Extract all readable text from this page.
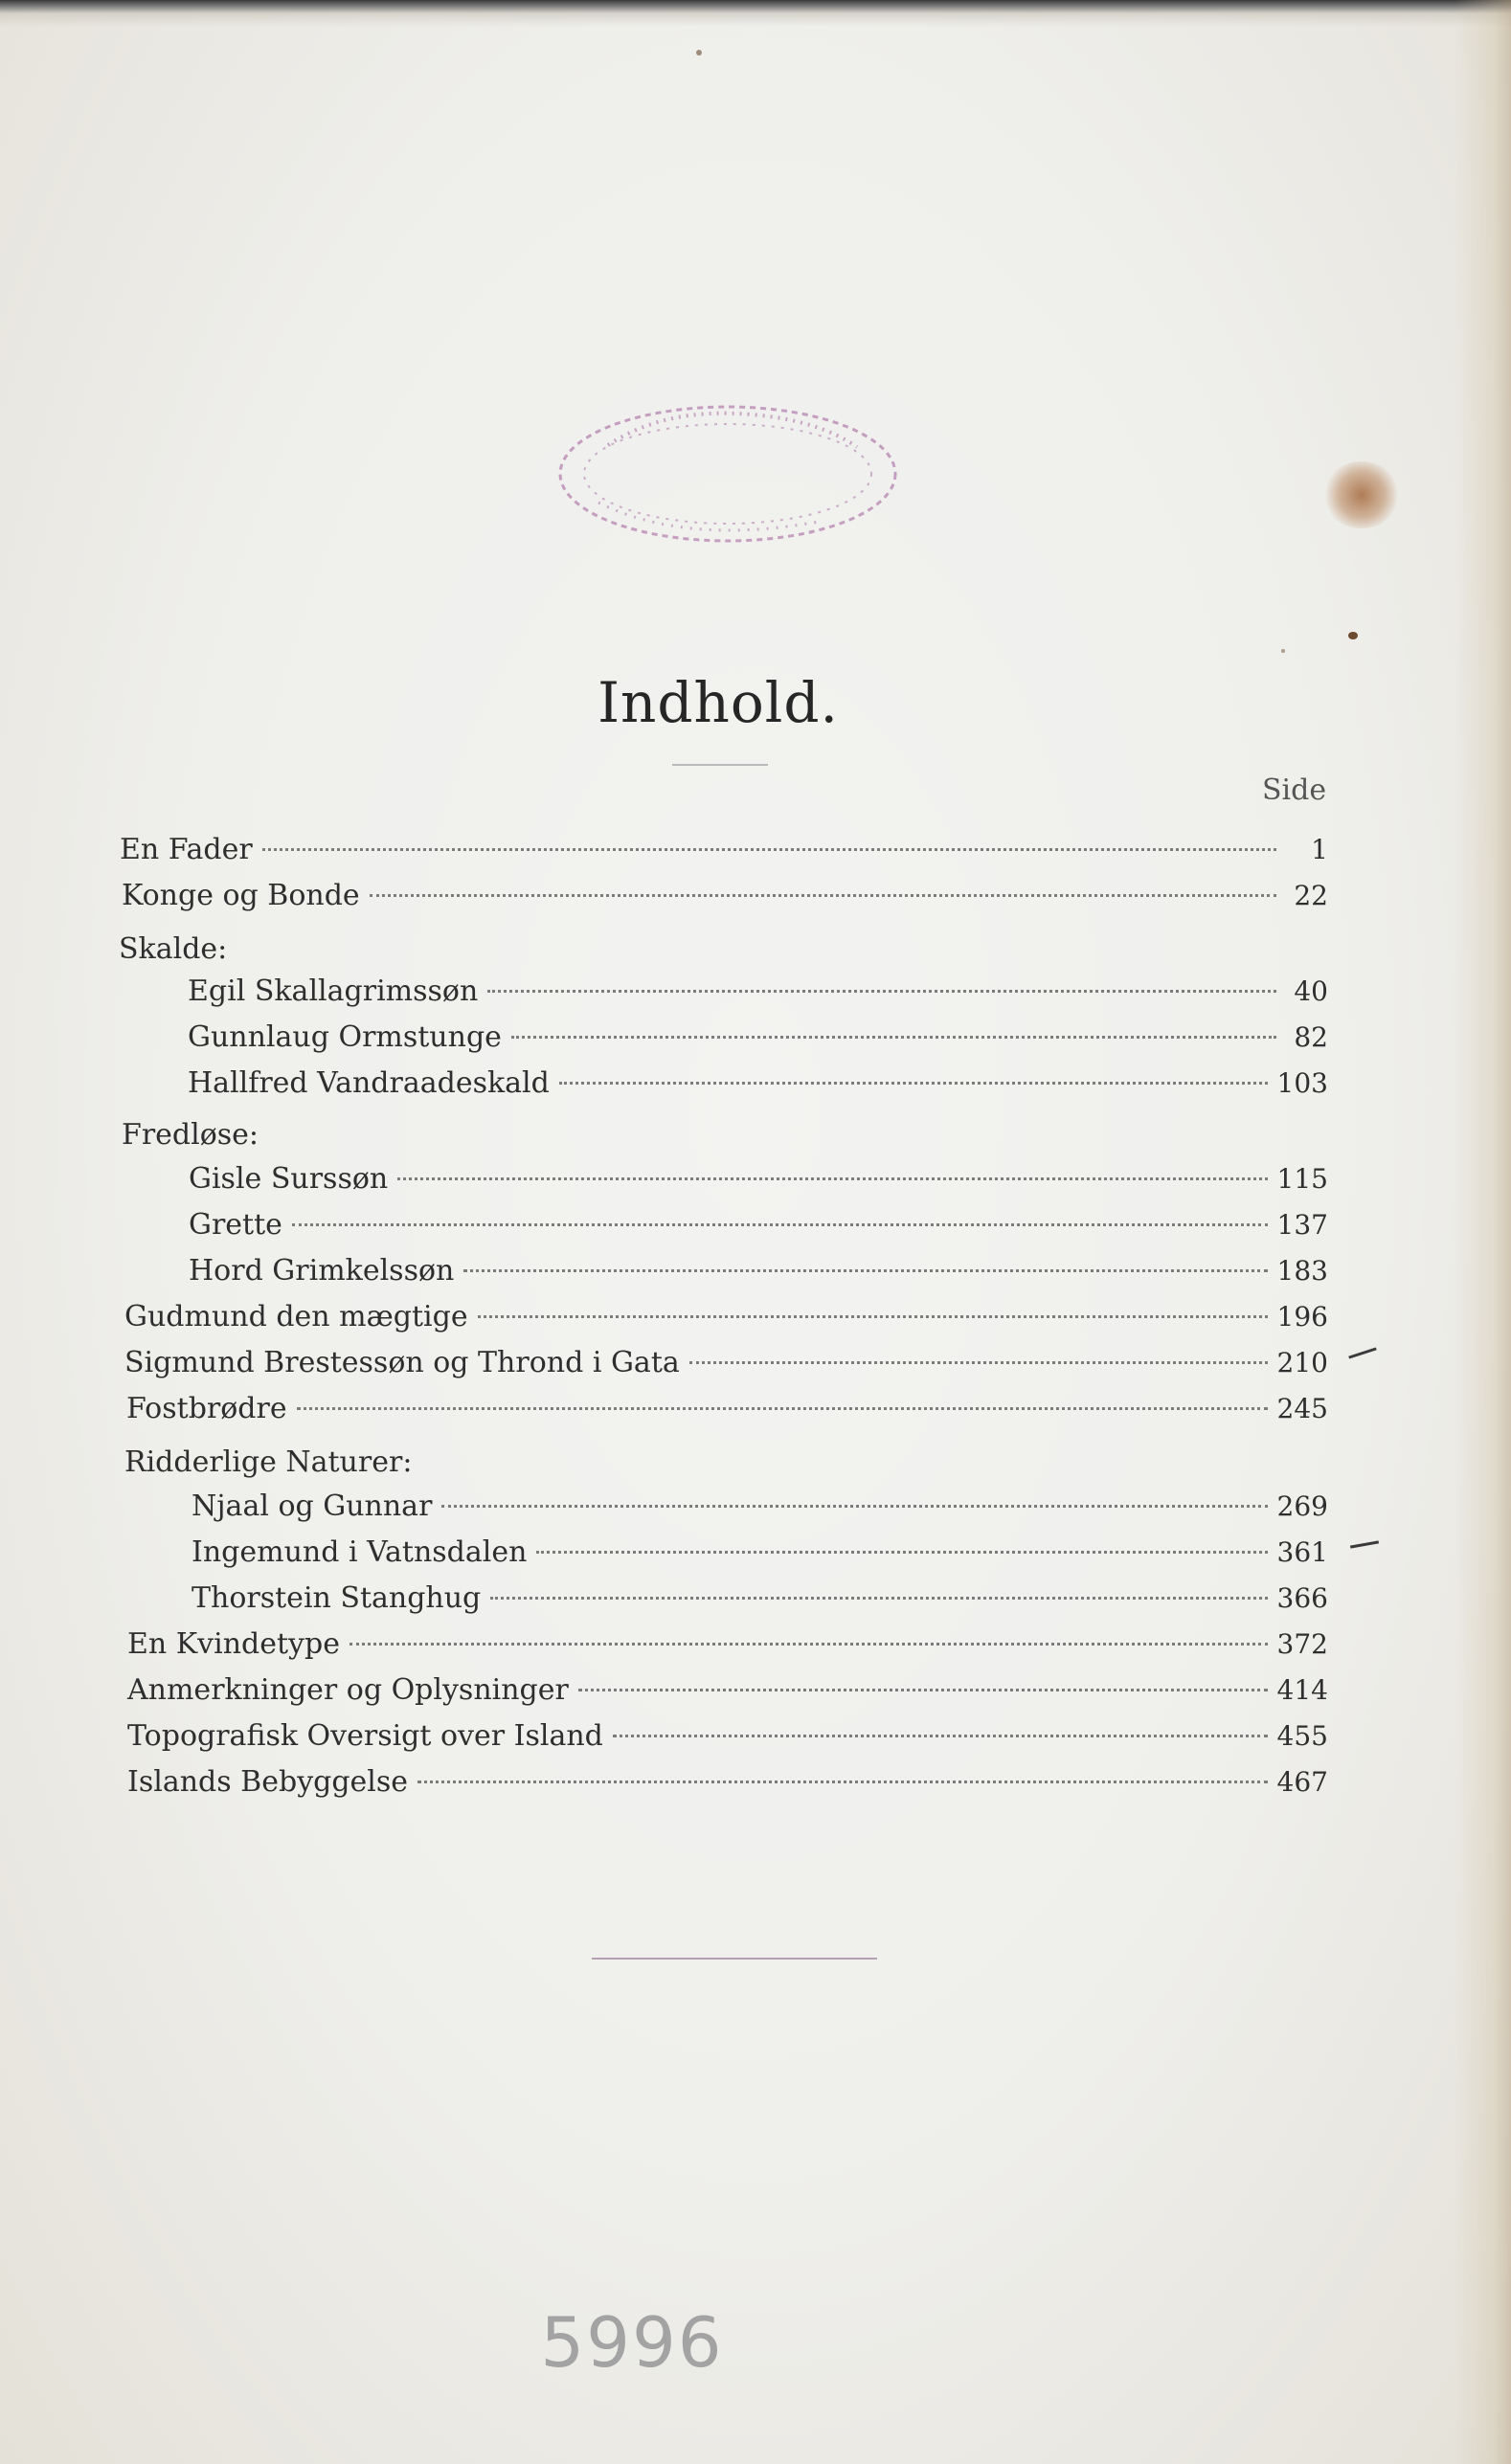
Indhold.
Side
En Fader	1
Konge og Bonde	22
Skalde:
Egil Skallagrimssøn	40
Gunnlaug Ormstunge	82
Hallfred Vandraadeskald	103
Fredløse:
Gisle Surssøn	115
Grette	137
Hord Grimkelssøn	183
Gudmund den mægtige	196
Sigmund Brestessøn og Thrond i Gata	210
Fostbrødre	245
Ridderlige Naturer:
Njaal og Gunnar	269
Ingemund i Vatnsdalen	361
Thorstein Stanghug	366
En Kvindetype	372
Anmerkninger og Oplysninger	414
Topografisk Oversigt over Island	455
Islands Bebyggelse	467
5996
